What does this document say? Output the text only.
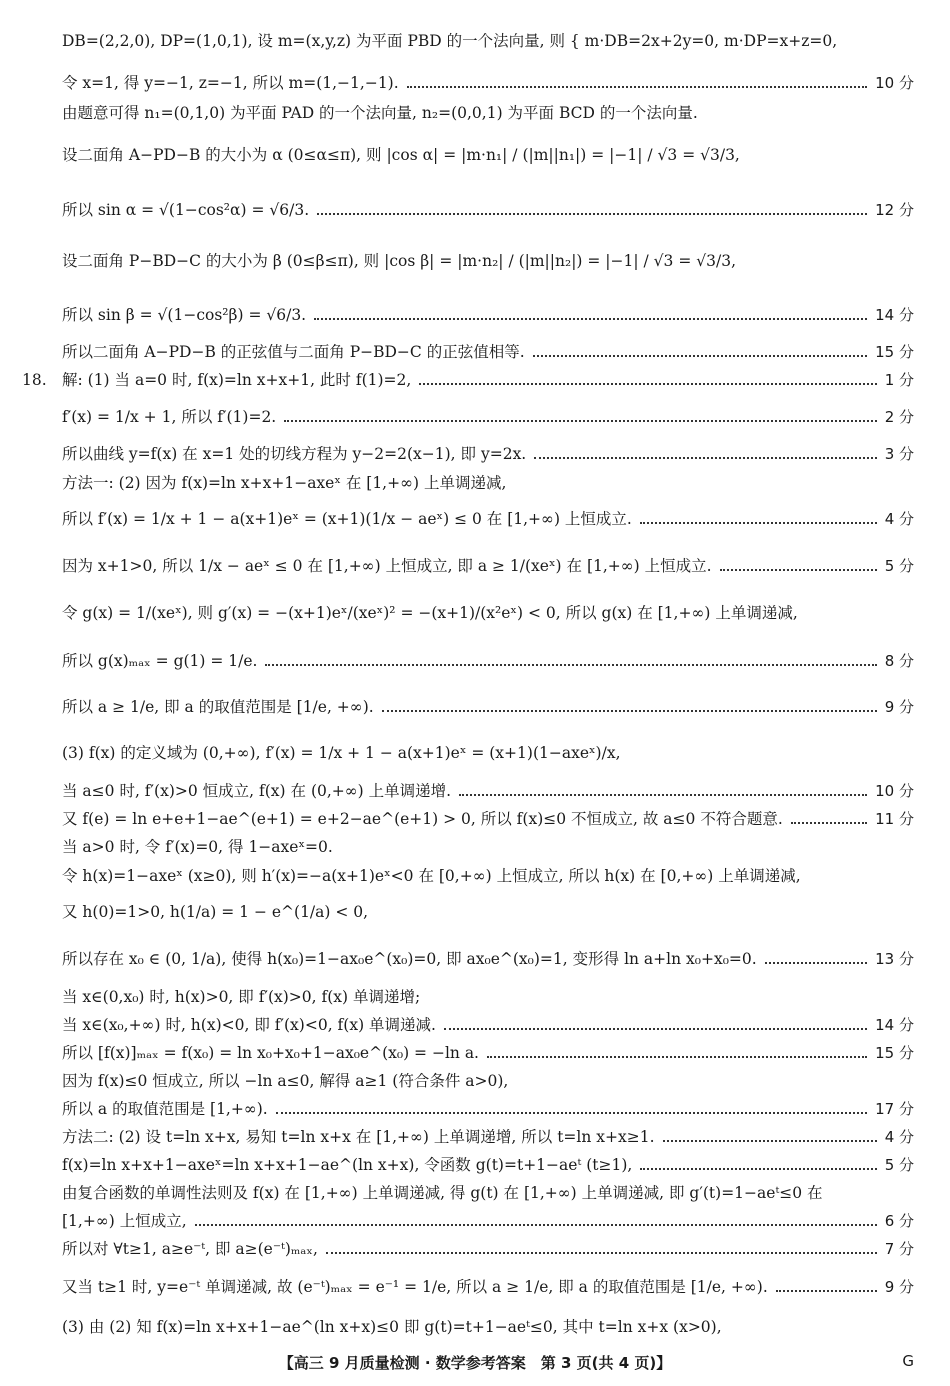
DB=(2,2,0), DP=(1,0,1), 设 m=(x,y,z) 为平面 PBD 的一个法向量, 则 { m·DB=2x+2y=0, m·DP=x+z=0,
令 x=1, 得 y=−1, z=−1, 所以 m=(1,−1,−1).	10 分
由题意可得 n₁=(0,1,0) 为平面 PAD 的一个法向量, n₂=(0,0,1) 为平面 BCD 的一个法向量.
设二面角 A−PD−B 的大小为 α (0≤α≤π), 则 |cos α| = |m·n₁| / (|m||n₁|) = |−1| / √3 = √3/3,
所以 sin α = √(1−cos²α) = √6/3.	12 分
设二面角 P−BD−C 的大小为 β (0≤β≤π), 则 |cos β| = |m·n₂| / (|m||n₂|) = |−1| / √3 = √3/3,
所以 sin β = √(1−cos²β) = √6/3.	14 分
所以二面角 A−PD−B 的正弦值与二面角 P−BD−C 的正弦值相等.	15 分
18. 解: (1) 当 a=0 时, f(x)=ln x+x+1, 此时 f(1)=2,	1 分
f′(x) = 1/x + 1, 所以 f′(1)=2.	2 分
所以曲线 y=f(x) 在 x=1 处的切线方程为 y−2=2(x−1), 即 y=2x.	3 分
方法一: (2) 因为 f(x)=ln x+x+1−axeˣ 在 [1,+∞) 上单调递减,
所以 f′(x) = 1/x + 1 − a(x+1)eˣ = (x+1)(1/x − aeˣ) ≤ 0 在 [1,+∞) 上恒成立.	4 分
因为 x+1>0, 所以 1/x − aeˣ ≤ 0 在 [1,+∞) 上恒成立, 即 a ≥ 1/(xeˣ) 在 [1,+∞) 上恒成立.	5 分
令 g(x) = 1/(xeˣ), 则 g′(x) = −(x+1)eˣ/(xeˣ)² = −(x+1)/(x²eˣ) < 0, 所以 g(x) 在 [1,+∞) 上单调递减,
所以 g(x)ₘₐₓ = g(1) = 1/e.	8 分
所以 a ≥ 1/e, 即 a 的取值范围是 [1/e, +∞).	9 分
(3) f(x) 的定义域为 (0,+∞), f′(x) = 1/x + 1 − a(x+1)eˣ = (x+1)(1−axeˣ)/x,
当 a≤0 时, f′(x)>0 恒成立, f(x) 在 (0,+∞) 上单调递增.	10 分
又 f(e) = ln e+e+1−ae^(e+1) = e+2−ae^(e+1) > 0, 所以 f(x)≤0 不恒成立, 故 a≤0 不符合题意.	11 分
当 a>0 时, 令 f′(x)=0, 得 1−axeˣ=0.
令 h(x)=1−axeˣ (x≥0), 则 h′(x)=−a(x+1)eˣ<0 在 [0,+∞) 上恒成立, 所以 h(x) 在 [0,+∞) 上单调递减,
又 h(0)=1>0, h(1/a) = 1 − e^(1/a) < 0,
所以存在 x₀ ∈ (0, 1/a), 使得 h(x₀)=1−ax₀e^(x₀)=0, 即 ax₀e^(x₀)=1, 变形得 ln a+ln x₀+x₀=0.	13 分
当 x∈(0,x₀) 时, h(x)>0, 即 f′(x)>0, f(x) 单调递增;
当 x∈(x₀,+∞) 时, h(x)<0, 即 f′(x)<0, f(x) 单调递减.	14 分
所以 [f(x)]ₘₐₓ = f(x₀) = ln x₀+x₀+1−ax₀e^(x₀) = −ln a.	15 分
因为 f(x)≤0 恒成立, 所以 −ln a≤0, 解得 a≥1 (符合条件 a>0),
所以 a 的取值范围是 [1,+∞).	17 分
方法二: (2) 设 t=ln x+x, 易知 t=ln x+x 在 [1,+∞) 上单调递增, 所以 t=ln x+x≥1.	4 分
f(x)=ln x+x+1−axeˣ=ln x+x+1−ae^(ln x+x), 令函数 g(t)=t+1−aeᵗ (t≥1),	5 分
由复合函数的单调性法则及 f(x) 在 [1,+∞) 上单调递减, 得 g(t) 在 [1,+∞) 上单调递减, 即 g′(t)=1−aeᵗ≤0 在
[1,+∞) 上恒成立,	6 分
所以对 ∀t≥1, a≥e⁻ᵗ, 即 a≥(e⁻ᵗ)ₘₐₓ,	7 分
又当 t≥1 时, y=e⁻ᵗ 单调递减, 故 (e⁻ᵗ)ₘₐₓ = e⁻¹ = 1/e, 所以 a ≥ 1/e, 即 a 的取值范围是 [1/e, +∞).	9 分
(3) 由 (2) 知 f(x)=ln x+x+1−ae^(ln x+x)≤0 即 g(t)=t+1−aeᵗ≤0, 其中 t=ln x+x (x>0),
【高三 9 月质量检测 · 数学参考答案　第 3 页(共 4 页)】	G
